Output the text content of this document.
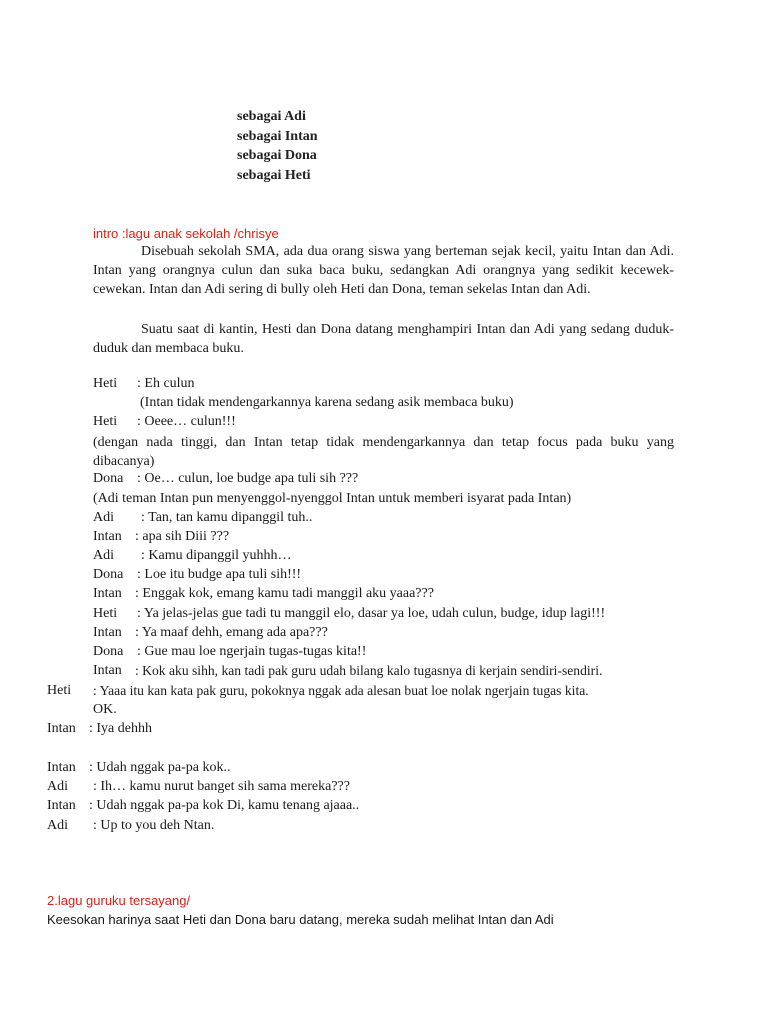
sebagai Adi
sebagai Intan
sebagai Dona
sebagai Heti
intro :lagu anak sekolah /chrisye
Disebuah sekolah SMA, ada dua orang siswa yang berteman sejak kecil, yaitu Intan dan Adi. Intan yang orangnya culun dan suka baca buku, sedangkan Adi orangnya yang sedikit kecewek-cewekan. Intan dan Adi sering di bully oleh Heti dan Dona, teman sekelas Intan dan Adi.
Suatu saat di kantin, Hesti dan Dona datang menghampiri Intan dan Adi yang sedang duduk-duduk dan membaca buku.
Heti : Eh culun
(Intan tidak mendengarkannya karena sedang asik membaca buku)
Heti : Oeee… culun!!!
(dengan nada tinggi, dan Intan tetap tidak mendengarkannya dan tetap focus pada buku yang dibacanya)
Dona : Oe… culun, loe budge apa tuli sih ???
(Adi teman Intan pun menyenggol-nyenggol Intan untuk memberi isyarat pada Intan)
Adi : Tan, tan kamu dipanggil tuh..
Intan : apa sih Diii ???
Adi : Kamu dipanggil yuhhh…
Dona : Loe itu budge apa tuli sih!!!
Intan : Enggak kok, emang kamu tadi manggil aku yaaa???
Heti : Ya jelas-jelas gue tadi tu manggil elo, dasar ya loe, udah culun, budge, idup lagi!!!
Intan : Ya maaf dehh, emang ada apa???
Dona : Gue mau loe ngerjain tugas-tugas kita!!
Intan : Kok aku sihh, kan tadi pak guru udah bilang kalo tugasnya di kerjain sendiri-sendiri.
Heti : Yaaa itu kan kata pak guru, pokoknya nggak ada alesan buat loe nolak ngerjain tugas kita.
OK.
Intan : Iya dehhh
Intan : Udah nggak pa-pa kok..
Adi : Ih… kamu nurut banget sih sama mereka???
Intan : Udah nggak pa-pa kok Di, kamu tenang ajaaa..
Adi : Up to you deh Ntan.
2.lagu guruku tersayang/
Keesokan harinya saat Heti dan Dona baru datang, mereka sudah melihat Intan dan Adi
